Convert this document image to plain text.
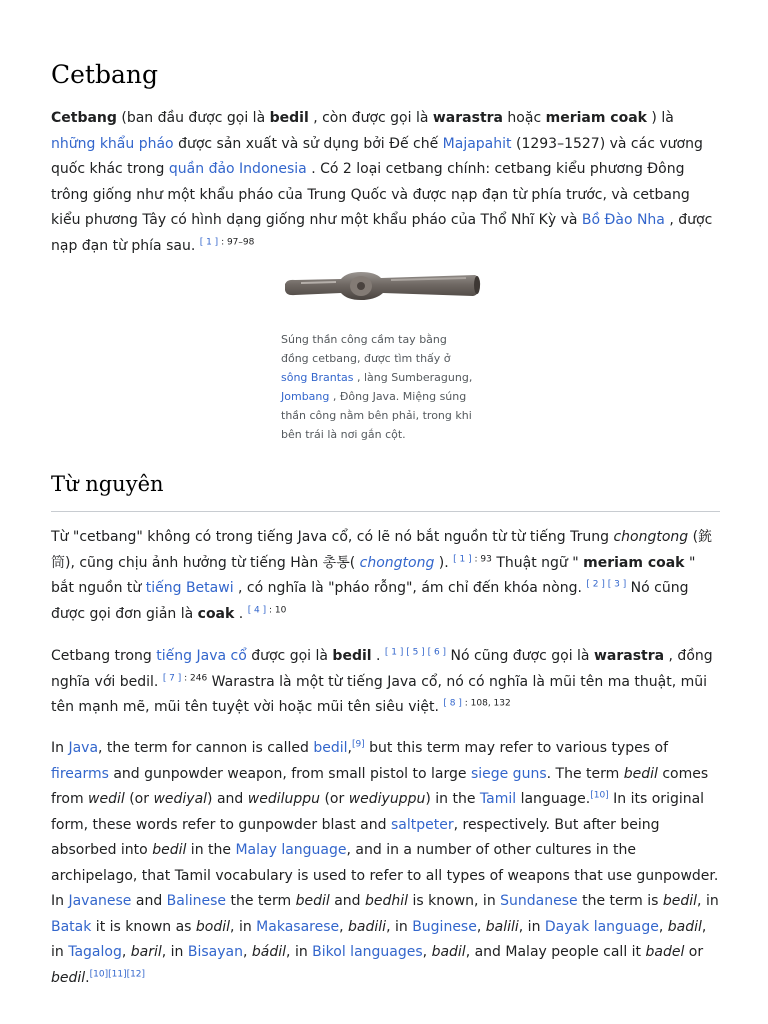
Cetbang

Cetbang (ban đầu được gọi là bedil , còn được gọi là warastra hoặc meriam coak ) là những khẩu pháo được sản xuất và sử dụng bởi Đế chế Majapahit (1293–1527) và các vương quốc khác trong quần đảo Indonesia . Có 2 loại cetbang chính: cetbang kiểu phương Đông trông giống như một khẩu pháo của Trung Quốc và được nạp đạn từ phía trước, và cetbang kiểu phương Tây có hình dạng giống như một khẩu pháo của Thổ Nhĩ Kỳ và Bồ Đào Nha , được nạp đạn từ phía sau. $^{[ 1 ] : 97-98}$

Súng thần công cầm tay bằng đồng cetbang, được tìm thấy ở sông Brantas , làng Sumberagung, Jombang , Đông Java. Miệng súng thần công nằm bên phải, trong khi bên trái là nơi gắn cột.
Từ nguyên

Từ "cetbang" không có trong tiếng Java cổ, có lẽ nó bắt nguồn từ từ tiếng Trung chongtong (銃筒), cũng chịu ảnh hưởng từ tiếng Hàn 총통( chongtong ). $^{[ 1 ] : 93}$ Thuật ngữ " meriam coak " bắt nguồn từ tiếng Betawi , có nghĩa là "pháo rỗng", ám chỉ đến khóa nòng. [ 2 ] [ 3 ] Nó cũng được gọi đơn giản là coak . $^{[ 4 ] : 10}$

Cetbang trong tiếng Java cổ được gọi là bedil . [ 1 ] [ 5 ] [ 6 ] Nó cũng được gọi là warastra , đồng nghĩa với bedil. $^{[ 7 ] : 246}$ Warastra là một từ tiếng Java cổ, nó có nghĩa là mũi tên ma thuật, mũi tên mạnh mẽ, mũi tên tuyệt vời hoặc mũi tên siêu việt. $^{[ 8 ] : 108, 132}$

In Java, the term for cannon is called bedil,[9] but this term may refer to various types of firearms and gunpowder weapon, from small pistol to large siege guns. The term bedil comes from wedil (or wediyal) and wediluppu (or wediyuppu) in the Tamil language.[10] In its original form, these words refer to gunpowder blast and saltpeter, respectively. But after being absorbed into bedil in the Malay language, and in a number of other cultures in the archipelago, that Tamil vocabulary is used to refer to all types of weapons that use gunpowder. In Javanese and Balinese the term bedil and bedhil is known, in Sundanese the term is bedil, in Batak it is known as bodil, in Makasarese, badili, in Buginese, balili, in Dayak language, badil, in Tagalog, baril, in Bisayan, bádil, in Bikol languages, badil, and Malay people call it badel or bedil.[10][11][12]
